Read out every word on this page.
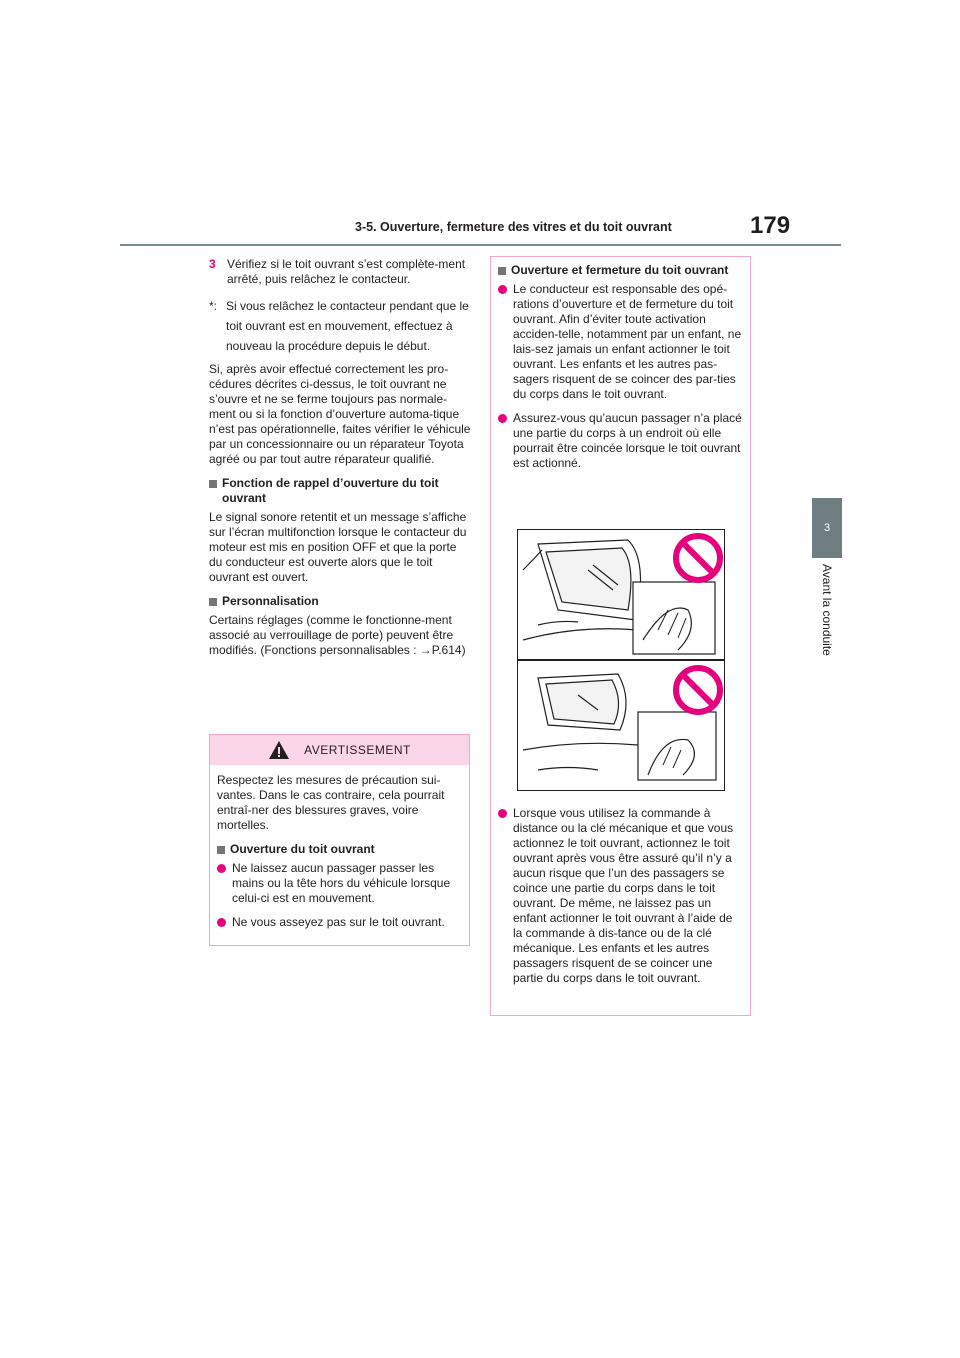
3-5. Ouverture, fermeture des vitres et du toit ouvrant	179
3
Avant la conduite

3 Vérifiez si le toit ouvrant s’est complète-ment arrêté, puis relâchez le contacteur.

*: Si vous relâchez le contacteur pendant que le toit ouvrant est en mouvement, effectuez à nouveau la procédure depuis le début.

Si, après avoir effectué correctement les pro-cédures décrites ci-dessus, le toit ouvrant ne s’ouvre et ne se ferme toujours pas normale-ment ou si la fonction d’ouverture automa-tique n’est pas opérationnelle, faites vérifier le véhicule par un concessionnaire ou un réparateur Toyota agréé ou par tout autre réparateur qualifié.

Fonction de rappel d’ouverture du toit ouvrant

Le signal sonore retentit et un message s’affiche sur l’écran multifonction lorsque le contacteur du moteur est mis en position OFF et que la porte du conducteur est ouverte alors que le toit ouvrant est ouvert.

Personnalisation

Certains réglages (comme le fonctionne-ment associé au verrouillage de porte) peuvent être modifiés. (Fonctions personnalisables : →P.614)

AVERTISSEMENT

Respectez les mesures de précaution sui-vantes. Dans le cas contraire, cela pourrait entraî-ner des blessures graves, voire mortelles.

Ouverture du toit ouvrant
Ne laissez aucun passager passer les mains ou la tête hors du véhicule lorsque celui-ci est en mouvement.
Ne vous asseyez pas sur le toit ouvrant.
Ouverture et fermeture du toit ouvrant
Le conducteur est responsable des opé-rations d’ouverture et de fermeture du toit ouvrant. Afin d’éviter toute activation acciden-telle, notamment par un enfant, ne lais-sez jamais un enfant actionner le toit ouvrant. Les enfants et les autres pas-sagers risquent de se coincer des par-ties du corps dans le toit ouvrant.
Assurez-vous qu’aucun passager n’a placé une partie du corps à un endroit où elle pourrait être coincée lorsque le toit ouvrant est actionné.
Lorsque vous utilisez la commande à distance ou la clé mécanique et que vous actionnez le toit ouvrant, actionnez le toit ouvrant après vous être assuré qu’il n’y a aucun risque que l’un des passagers se coince une partie du corps dans le toit ouvrant. De même, ne laissez pas un enfant actionner le toit ouvrant à l’aide de la commande à dis-tance ou de la clé mécanique. Les enfants et les autres passagers risquent de se coincer une partie du corps dans le toit ouvrant.
